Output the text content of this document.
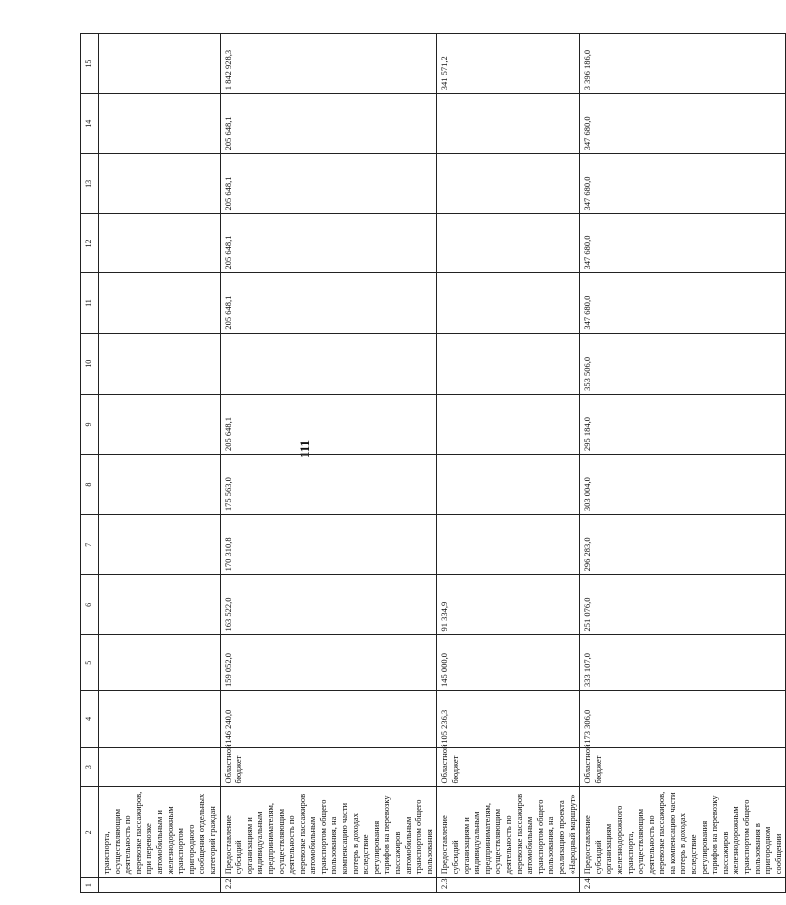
111
1	2	3	4	5	6	7	8	9	10	11	12	13	14	15
	транспорта, осуществляющим деятельность по перевозке пассажиров, при перевозке автомобильным и железнодорожным транспортом пригородного сообщения отдельных категорий граждан													
2.2	Предоставление субсидий организациям и индивидуальным предпринимателям, осуществляющим деятельность по перевозке пассажиров автомобильным транспортом общего пользования, на компенсацию части потерь в доходах вследствие регулирования тарифов на перевозку пассажиров автомобильным транспортом общего пользования	Областной бюджет	146 240,0	159 052,0	163 522,0	170 310,8	175 563,0	205 648,1		205 648,1	205 648,1	205 648,1	205 648,1	1 842 928,3
2.3	Предоставление субсидий организациям и индивидуальным предпринимателям, осуществляющим деятельность по перевозке пассажиров автомобильным транспортом общего пользования, на реализацию проекта «Народный маршрут»	Областной бюджет	105 236,3	145 000,0	91 334,9									341 571,2
2.4	Предоставление субсидий организациям железнодорожного транспорта, осуществляющим деятельность по перевозке пассажиров, на компенсацию части потерь в доходах вследствие регулирования тарифов на перевозку пассажиров железнодорожным транспортом общего пользования в пригородном сообщении	Областной бюджет	173 306,0	333 107,0	251 076,0	296 283,0	303 004,0	295 184,0	353 506,0	347 680,0	347 680,0	347 680,0	347 680,0	3 396 186,0
